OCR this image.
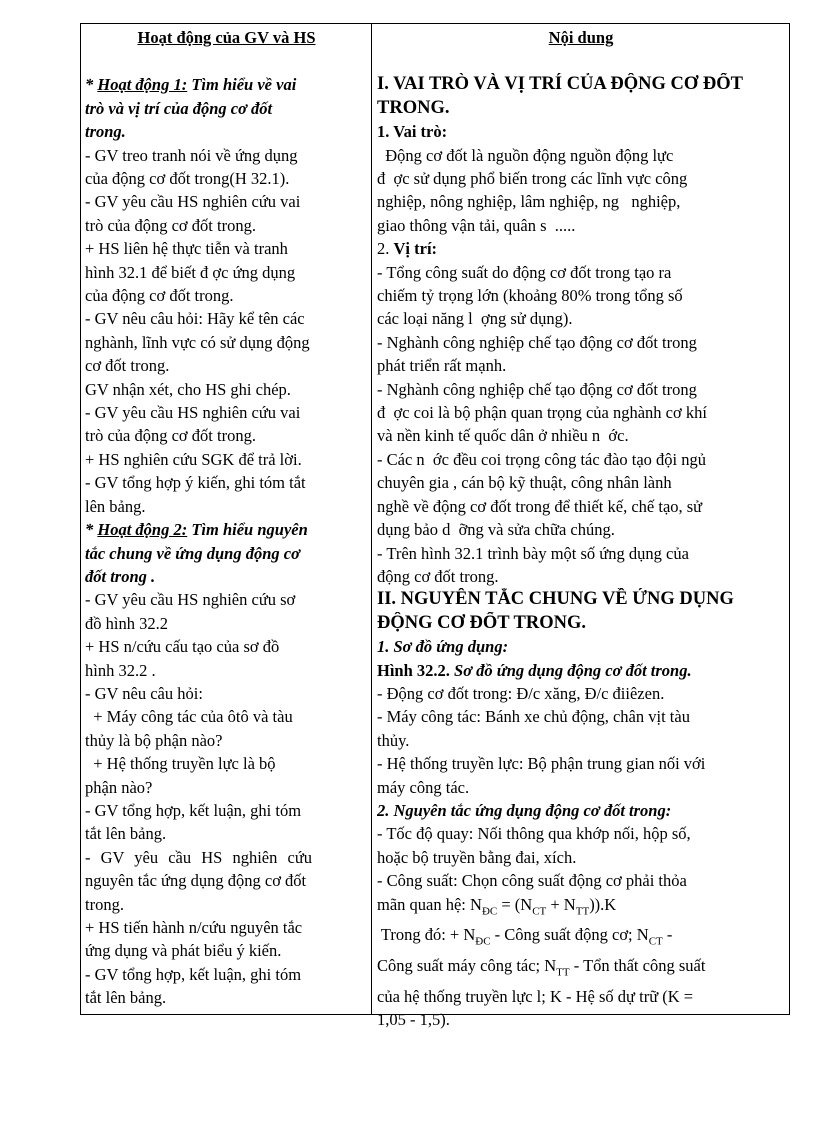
Hoạt động của GV và HS
* Hoạt động 1: Tìm hiểu về vai
trò và vị trí của động cơ đốt
trong.
- GV treo tranh nói về ứng dụng
của động cơ đốt trong(H 32.1).
- GV yêu cầu HS nghiên cứu vai
trò của động cơ đốt trong.
+ HS liên hệ thực tiễn và tranh
hình 32.1 để biết đ ợc ứng dụng
của động cơ đốt trong.
- GV nêu câu hỏi: Hãy kể tên các
nghành, lĩnh vực có sử dụng động
cơ đốt trong.
GV nhận xét, cho HS ghi chép.
- GV yêu cầu HS nghiên cứu vai
trò của động cơ đốt trong.
+ HS nghiên cứu SGK để trả lời.
- GV tổng hợp ý kiến, ghi tóm tắt
lên bảng.
* Hoạt động 2: Tìm hiểu nguyên
tắc chung về ứng dụng động cơ
đốt trong .
- GV yêu cầu HS nghiên cứu sơ
đồ hình 32.2
+ HS n/cứu cấu tạo của sơ đồ
hình 32.2 .
- GV nêu câu hỏi:
+ Máy công tác của ôtô và tàu
thủy là bộ phận nào?
+ Hệ thống truyền lực là bộ
phận nào?
- GV tổng hợp, kết luận, ghi tóm
tắt lên bảng.
- GV yêu cầu HS nghiên cứu
nguyên tắc ứng dụng động cơ đốt
trong.
+ HS tiến hành n/cứu nguyên tắc
ứng dụng và phát biểu ý kiến.
- GV tổng hợp, kết luận, ghi tóm
tắt lên bảng.
Nội dung
I. VAI TRÒ VÀ VỊ TRÍ CỦA ĐỘNG CƠ ĐỐT
TRONG.
1. Vai trò:
Động cơ đốt là nguồn động nguồn động lực
đ  ợc sử dụng phổ biến trong các lĩnh vực công
nghiệp, nông nghiệp, lâm nghiệp, ng   nghiệp,
giao thông vận tải, quân s  .....
2. Vị trí:
- Tổng công suất do động cơ đốt trong tạo ra
chiếm tỷ trọng lớn (khoảng 80% trong tổng số
các loại năng l  ợng sử dụng).
- Nghành công nghiệp chế tạo động cơ đốt trong
phát triển rất mạnh.
- Nghành công nghiệp chế tạo động cơ đốt trong
đ  ợc coi là bộ phận quan trọng của nghành cơ khí
và nền kinh tế quốc dân ở nhiều n  ớc.
- Các n  ớc đều coi trọng công tác đào tạo đội ngủ
chuyên gia , cán bộ kỹ thuật, công nhân lành
nghề về động cơ đốt trong để thiết kế, chế tạo, sử
dụng bảo d  ỡng và sửa chữa chúng.
- Trên hình 32.1 trình bày một số ứng dụng của
động cơ đốt trong.
II. NGUYÊN TẮC CHUNG VỀ ỨNG DỤNG
ĐỘNG CƠ ĐỐT TRONG.
1. Sơ đồ ứng dụng:
Hình 32.2. Sơ đồ ứng dụng động cơ đốt trong.
- Động cơ đốt trong: Đ/c xăng, Đ/c điiêzen.
- Máy công tác: Bánh xe chủ động, chân vịt tàu
thủy.
- Hệ thống truyền lực: Bộ phận trung gian nối với
máy công tác.
2. Nguyên tắc ứng dụng động cơ đốt trong:
- Tốc độ quay: Nối thông qua khớp nối, hộp số,
hoặc bộ truyền bằng đai, xích.
- Công suất: Chọn công suất động cơ phải thỏa
mãn quan hệ: $N_{ĐC} = (N_{CT} + N_{TT})).K$
Trong đó: + $N_{ĐC}$ - Công suất động cơ; $N_{CT}$ -
Công suất máy công tác; $N_{TT}$ - Tổn thất công suất
của hệ thống truyền lực l; K - Hệ số dự trữ (K =
1,05 - 1,5).
